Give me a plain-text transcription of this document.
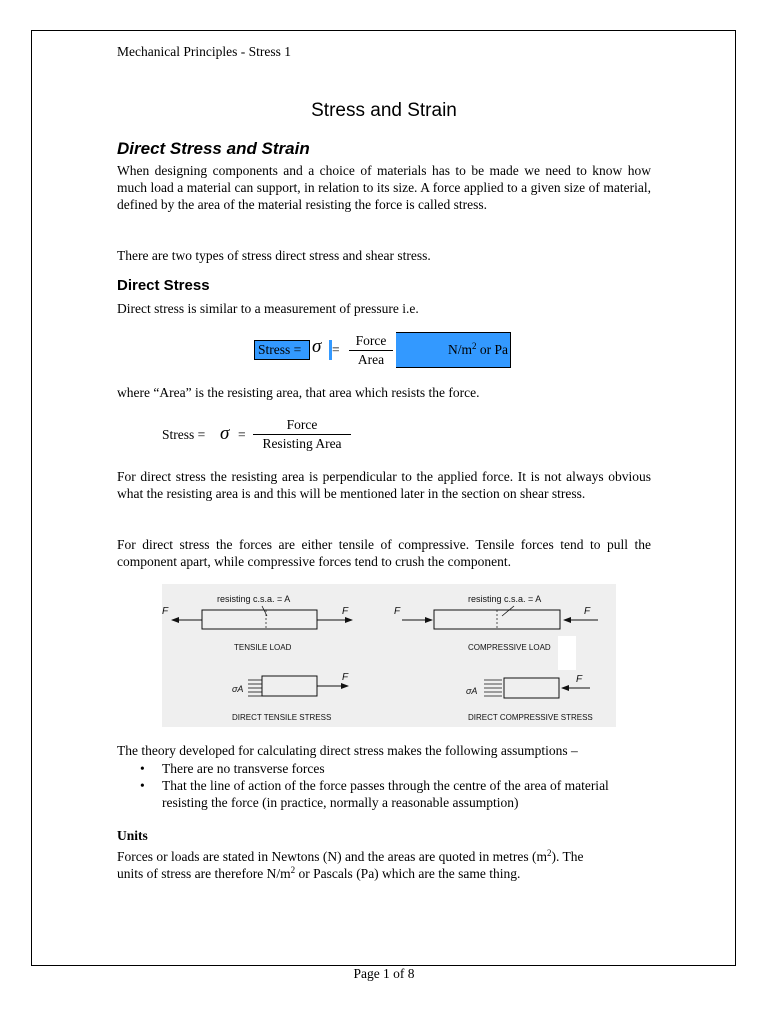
Mechanical Principles - Stress 1
Stress and Strain
Direct Stress and Strain
When designing components and a choice of materials has to be made we need to know how much load a material can support, in relation to its size. A force applied to a given size of material, defined by the area of the material resisting the force is called stress.
There are two types of stress direct stress and shear stress.
Direct Stress
Direct stress is similar to a measurement of pressure i.e.
Stress = σ =
Force
Area
$N/m^2$ or Pa
where “Area” is the resisting area, that area which resists the force.
Stress = σ =
Force
Resisting Area
For direct stress the resisting area is perpendicular to the applied force. It is not always obvious what the resisting area is and this will be mentioned later in the section on shear stress.
For direct stress the forces are either tensile of compressive. Tensile forces tend to pull the component apart, while compressive forces tend to crush the component.
resisting c.s.a. = A
F	F
TENSILE LOAD
resisting c.s.a. = A
F	F
COMPRESSIVE LOAD
σA
F
DIRECT TENSILE STRESS
σA
F
DIRECT COMPRESSIVE STRESS
The theory developed for calculating direct stress makes the following assumptions –
• There are no transverse forces
• That the line of action of the force passes through the centre of the area of material resisting the force (in practice, normally a reasonable assumption)
Units
Forces or loads are stated in Newtons (N) and the areas are quoted in metres $(m^2)$. The
units of stress are therefore $N/m^2$ or Pascals (Pa) which are the same thing.
Page 1 of 8
